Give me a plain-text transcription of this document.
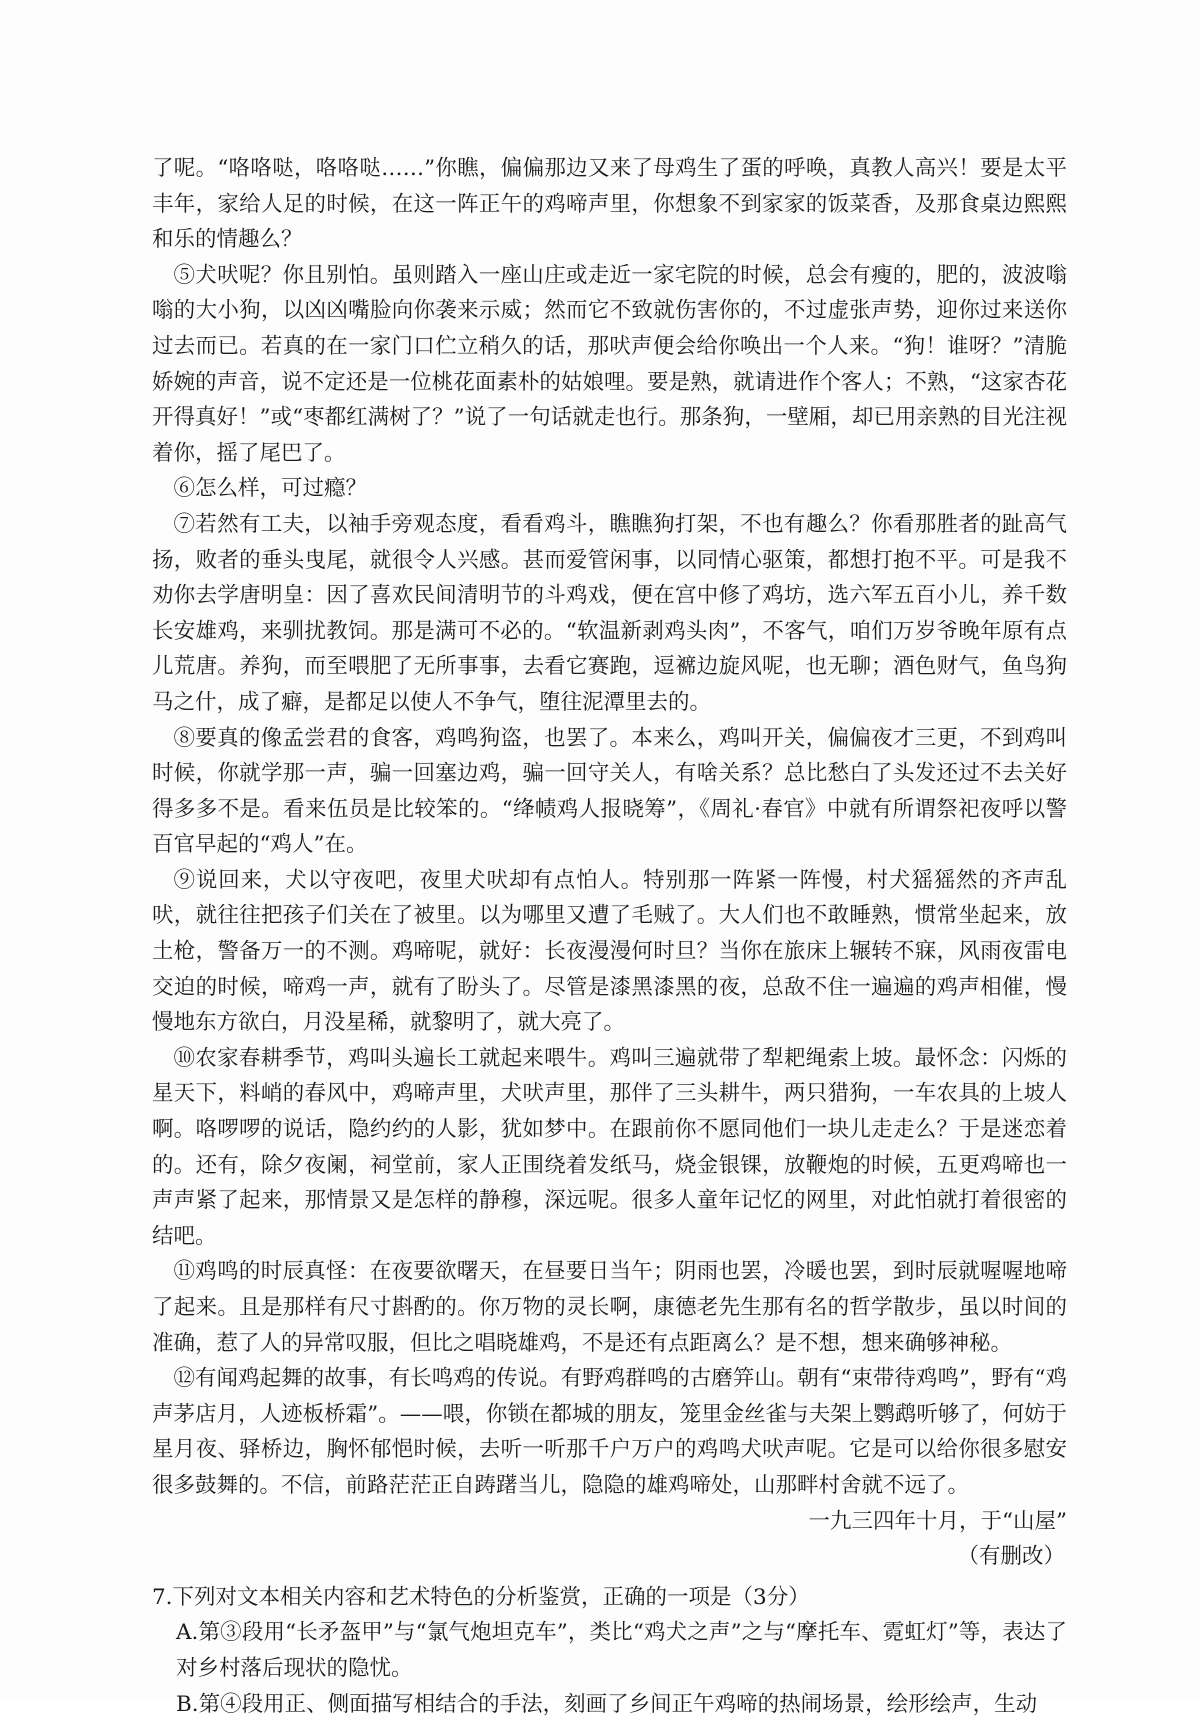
了呢。“咯咯哒，咯咯哒……”你瞧，偏偏那边又来了母鸡生了蛋的呼唤，真教人高兴！要是太平丰年，家给人足的时候，在这一阵正午的鸡啼声里，你想象不到家家的饭菜香，及那食桌边熙熙和乐的情趣么？

⑤犬吠呢？你且别怕。虽则踏入一座山庄或走近一家宅院的时候，总会有瘦的，肥的，波波嗡嗡的大小狗，以凶凶嘴脸向你袭来示威；然而它不致就伤害你的，不过虚张声势，迎你过来送你过去而已。若真的在一家门口伫立稍久的话，那吠声便会给你唤出一个人来。“狗！谁呀？”清脆娇婉的声音，说不定还是一位桃花面素朴的姑娘哩。要是熟，就请进作个客人；不熟，“这家杏花开得真好！”或“枣都红满树了？”说了一句话就走也行。那条狗，一壁厢，却已用亲熟的目光注视着你，摇了尾巴了。

⑥怎么样，可过瘾？

⑦若然有工夫，以袖手旁观态度，看看鸡斗，瞧瞧狗打架，不也有趣么？你看那胜者的趾高气扬，败者的垂头曳尾，就很令人兴感。甚而爱管闲事，以同情心驱策，都想打抱不平。可是我不劝你去学唐明皇：因了喜欢民间清明节的斗鸡戏，便在宫中修了鸡坊，选六军五百小儿，养千数长安雄鸡，来驯扰教饲。那是满可不必的。“软温新剥鸡头肉”，不客气，咱们万岁爷晚年原有点儿荒唐。养狗，而至喂肥了无所事事，去看它赛跑，逗褯边旋风呢，也无聊；酒色财气，鱼鸟狗马之什，成了癖，是都足以使人不争气，堕往泥潭里去的。

⑧要真的像孟尝君的食客，鸡鸣狗盗，也罢了。本来么，鸡叫开关，偏偏夜才三更，不到鸡叫时候，你就学那一声，骗一回塞边鸡，骗一回守关人，有啥关系？总比愁白了头发还过不去关好得多多不是。看来伍员是比较笨的。“绛帻鸡人报晓筹”，《周礼·春官》中就有所谓祭祀夜呼以警百官早起的“鸡人”在。

⑨说回来，犬以守夜吧，夜里犬吠却有点怕人。特别那一阵紧一阵慢，村犬猺猺然的齐声乱吠，就往往把孩子们关在了被里。以为哪里又遭了毛贼了。大人们也不敢睡熟，惯常坐起来，放土枪，警备万一的不测。鸡啼呢，就好：长夜漫漫何时旦？当你在旅床上辗转不寐，风雨夜雷电交迫的时候，啼鸡一声，就有了盼头了。尽管是漆黑漆黑的夜，总敌不住一遍遍的鸡声相催，慢慢地东方欲白，月没星稀，就黎明了，就大亮了。

⑩农家春耕季节，鸡叫头遍长工就起来喂牛。鸡叫三遍就带了犁耙绳索上坡。最怀念：闪烁的星天下，料峭的春风中，鸡啼声里，犬吠声里，那伴了三头耕牛，两只猎狗，一车农具的上坡人啊。咯啰啰的说话，隐约约的人影，犹如梦中。在跟前你不愿同他们一块儿走走么？于是迷恋着的。还有，除夕夜阑，祠堂前，家人正围绕着发纸马，烧金银锞，放鞭炮的时候，五更鸡啼也一声声紧了起来，那情景又是怎样的静穆，深远呢。很多人童年记忆的网里，对此怕就打着很密的结吧。

⑪鸡鸣的时辰真怪：在夜要欲曙天，在昼要日当午；阴雨也罢，冷暖也罢，到时辰就喔喔地啼了起来。且是那样有尺寸斟酌的。你万物的灵长啊，康德老先生那有名的哲学散步，虽以时间的准确，惹了人的异常叹服，但比之唱晓雄鸡，不是还有点距离么？是不想，想来确够神秘。

⑫有闻鸡起舞的故事，有长鸣鸡的传说。有野鸡群鸣的古磨笄山。朝有“束带待鸡鸣”，野有“鸡声茅店月，人迹板桥霜”。——喂，你锁在都城的朋友，笼里金丝雀与夫架上鹦鹉听够了，何妨于星月夜、驿桥边，胸怀郁悒时候，去听一听那千户万户的鸡鸣犬吠声呢。它是可以给你很多慰安很多鼓舞的。不信，前路茫茫正自踌躇当儿，隐隐的雄鸡啼处，山那畔村舍就不远了。

一九三四年十月，于“山屋”

（有删改）

7.下列对文本相关内容和艺术特色的分析鉴赏，正确的一项是（3分）

A.第③段用“长矛盔甲”与“氯气炮坦克车”，类比“鸡犬之声”之与“摩托车、霓虹灯”等，表达了对乡村落后现状的隐忧。

B.第④段用正、侧面描写相结合的手法，刻画了乡间正午鸡啼的热闹场景，绘形绘声，生动
